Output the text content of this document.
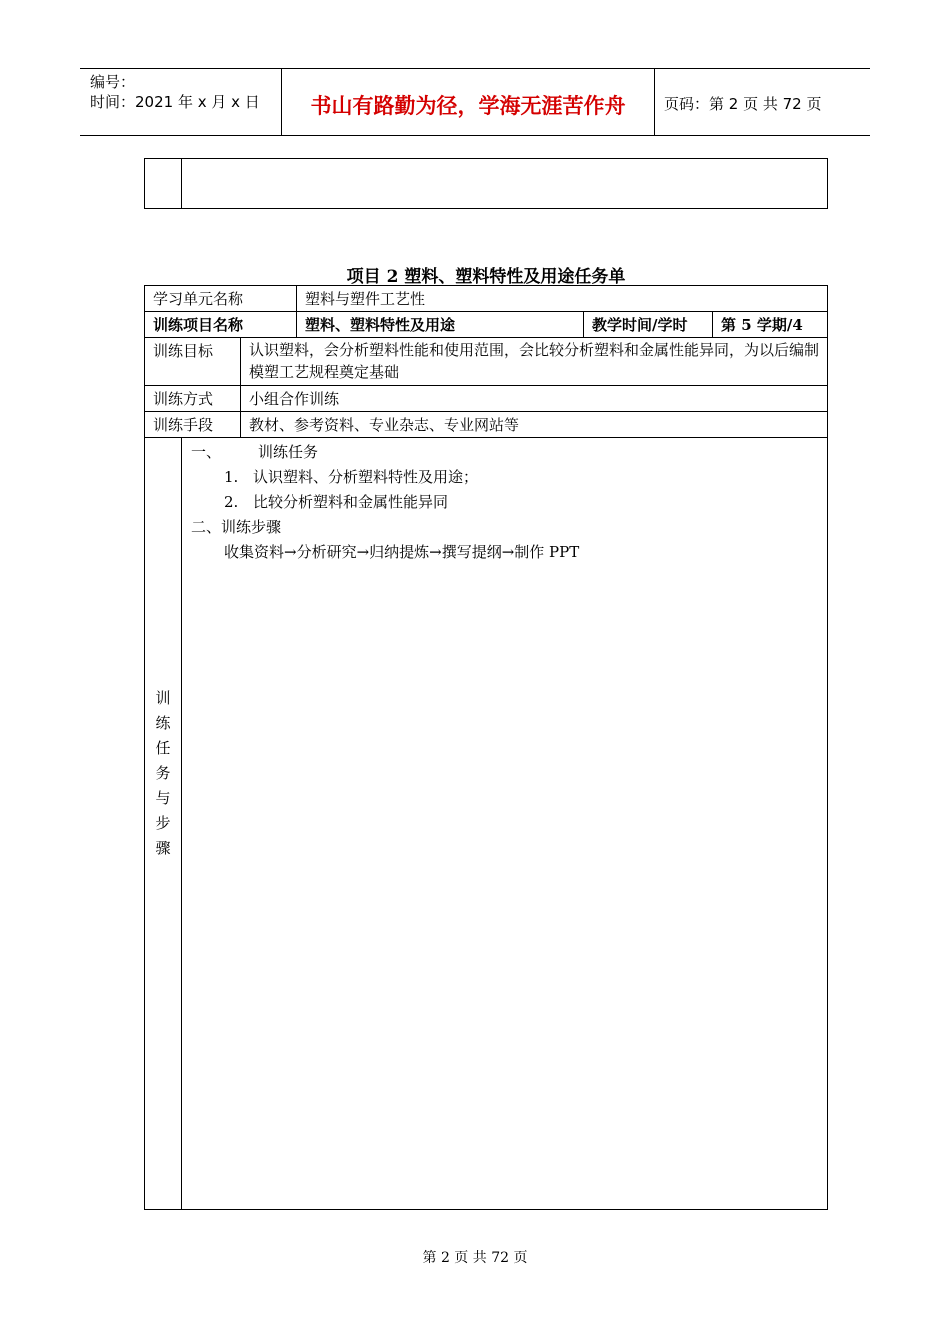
编号：
时间：2021 年 x 月 x 日	书山有路勤为径，学海无涯苦作舟	页码：第 2 页 共 72 页
项目 2 塑料、塑料特性及用途任务单
学习单元名称	塑料与塑件工艺性
训练项目名称	塑料、塑料特性及用途	教学时间/学时	第 5 学期/4
训练目标	认识塑料，会分析塑料性能和使用范围，会比较分析塑料和金属性能异同，为以后编制模塑工艺规程奠定基础
训练方式	小组合作训练
训练手段	教材、参考资料、专业杂志、专业网站等
训
练
任
务
与
步
骤
一、 训练任务
1. 认识塑料、分析塑料特性及用途；
2. 比较分析塑料和金属性能异同
二、训练步骤
收集资料→分析研究→归纳提炼→撰写提纲→制作 PPT
第 2 页 共 72 页
